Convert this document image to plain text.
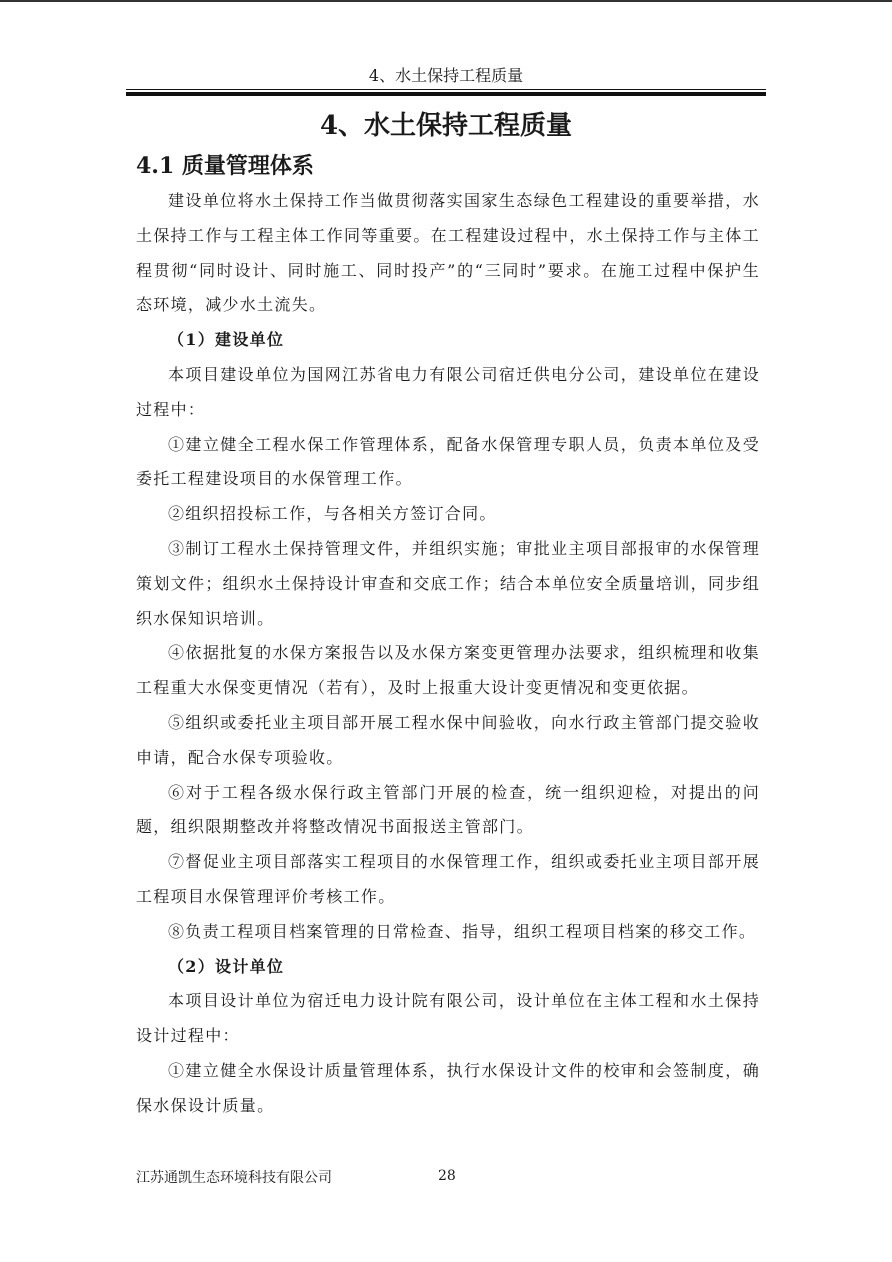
4、水土保持工程质量
4、水土保持工程质量
4.1 质量管理体系

建设单位将水土保持工作当做贯彻落实国家生态绿色工程建设的重要举措，水土保持工作与工程主体工作同等重要。在工程建设过程中，水土保持工作与主体工程贯彻“同时设计、同时施工、同时投产”的“三同时”要求。在施工过程中保护生态环境，减少水土流失。

（1）建设单位

本项目建设单位为国网江苏省电力有限公司宿迁供电分公司，建设单位在建设过程中：

①建立健全工程水保工作管理体系，配备水保管理专职人员，负责本单位及受委托工程建设项目的水保管理工作。

②组织招投标工作，与各相关方签订合同。

③制订工程水土保持管理文件，并组织实施；审批业主项目部报审的水保管理策划文件；组织水土保持设计审查和交底工作；结合本单位安全质量培训，同步组织水保知识培训。

④依据批复的水保方案报告以及水保方案变更管理办法要求，组织梳理和收集工程重大水保变更情况（若有），及时上报重大设计变更情况和变更依据。

⑤组织或委托业主项目部开展工程水保中间验收，向水行政主管部门提交验收申请，配合水保专项验收。

⑥对于工程各级水保行政主管部门开展的检查，统一组织迎检，对提出的问题，组织限期整改并将整改情况书面报送主管部门。

⑦督促业主项目部落实工程项目的水保管理工作，组织或委托业主项目部开展工程项目水保管理评价考核工作。

⑧负责工程项目档案管理的日常检查、指导，组织工程项目档案的移交工作。

（2）设计单位

本项目设计单位为宿迁电力设计院有限公司，设计单位在主体工程和水土保持设计过程中：

①建立健全水保设计质量管理体系，执行水保设计文件的校审和会签制度，确保水保设计质量。

江苏通凯生态环境科技有限公司	28
